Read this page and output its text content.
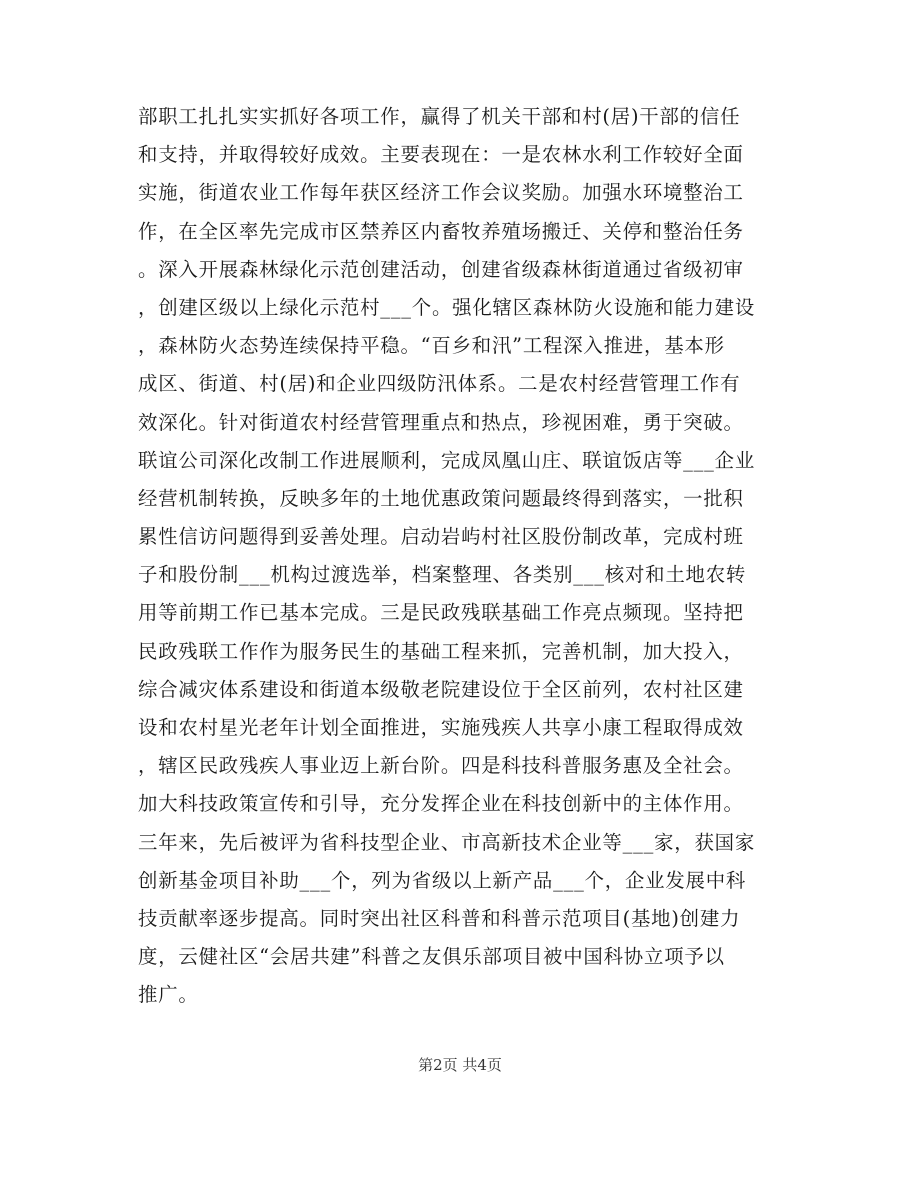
部职工扎扎实实抓好各项工作，赢得了机关干部和村(居)干部的信任
和支持，并取得较好成效。主要表现在：一是农林水利工作较好全面
实施，街道农业工作每年获区经济工作会议奖励。加强水环境整治工
作，在全区率先完成市区禁养区内畜牧养殖场搬迁、关停和整治任务
。深入开展森林绿化示范创建活动，创建省级森林街道通过省级初审
，创建区级以上绿化示范村___个。强化辖区森林防火设施和能力建设
，森林防火态势连续保持平稳。“百乡和汛”工程深入推进，基本形
成区、街道、村(居)和企业四级防汛体系。二是农村经营管理工作有
效深化。针对街道农村经营管理重点和热点，珍视困难，勇于突破。
联谊公司深化改制工作进展顺利，完成凤凰山庄、联谊饭店等___企业
经营机制转换，反映多年的土地优惠政策问题最终得到落实，一批积
累性信访问题得到妥善处理。启动岩屿村社区股份制改革，完成村班
子和股份制___机构过渡选举，档案整理、各类别___核对和土地农转
用等前期工作已基本完成。三是民政残联基础工作亮点频现。坚持把
民政残联工作作为服务民生的基础工程来抓，完善机制，加大投入，
综合减灾体系建设和街道本级敬老院建设位于全区前列，农村社区建
设和农村星光老年计划全面推进，实施残疾人共享小康工程取得成效
，辖区民政残疾人事业迈上新台阶。四是科技科普服务惠及全社会。
加大科技政策宣传和引导，充分发挥企业在科技创新中的主体作用。
三年来，先后被评为省科技型企业、市高新技术企业等___家，获国家
创新基金项目补助___个，列为省级以上新产品___个，企业发展中科
技贡献率逐步提高。同时突出社区科普和科普示范项目(基地)创建力
度，云健社区“会居共建”科普之友俱乐部项目被中国科协立项予以
推广。
第2页 共4页
